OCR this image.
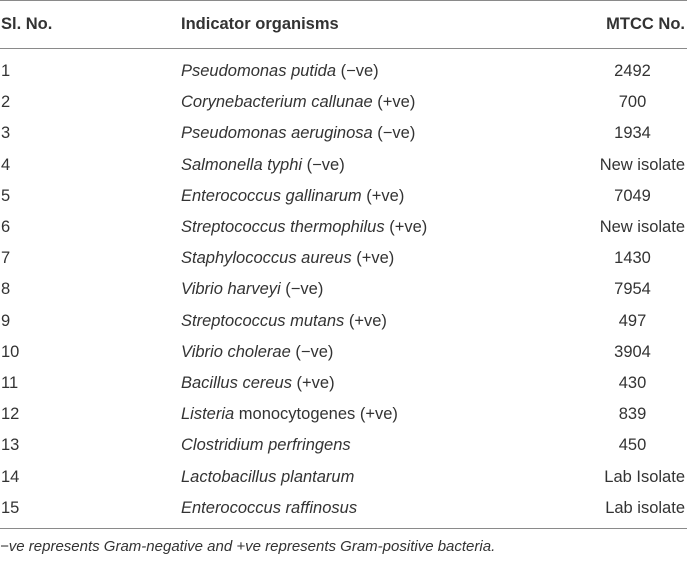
Sl. No.	Indicator organisms	MTCC No.
1	Pseudomonas putida (−ve)	2492
2	Corynebacterium callunae (+ve)	700
3	Pseudomonas aeruginosa (−ve)	1934
4	Salmonella typhi (−ve)	New isolate
5	Enterococcus gallinarum (+ve)	7049
6	Streptococcus thermophilus (+ve)	New isolate
7	Staphylococcus aureus (+ve)	1430
8	Vibrio harveyi (−ve)	7954
9	Streptococcus mutans (+ve)	497
10	Vibrio cholerae (−ve)	3904
11	Bacillus cereus (+ve)	430
12	Listeria monocytogenes (+ve)	839
13	Clostridium perfringens	450
14	Lactobacillus plantarum	Lab Isolate
15	Enterococcus raffinosus	Lab isolate
−ve represents Gram-negative and +ve represents Gram-positive bacteria.
